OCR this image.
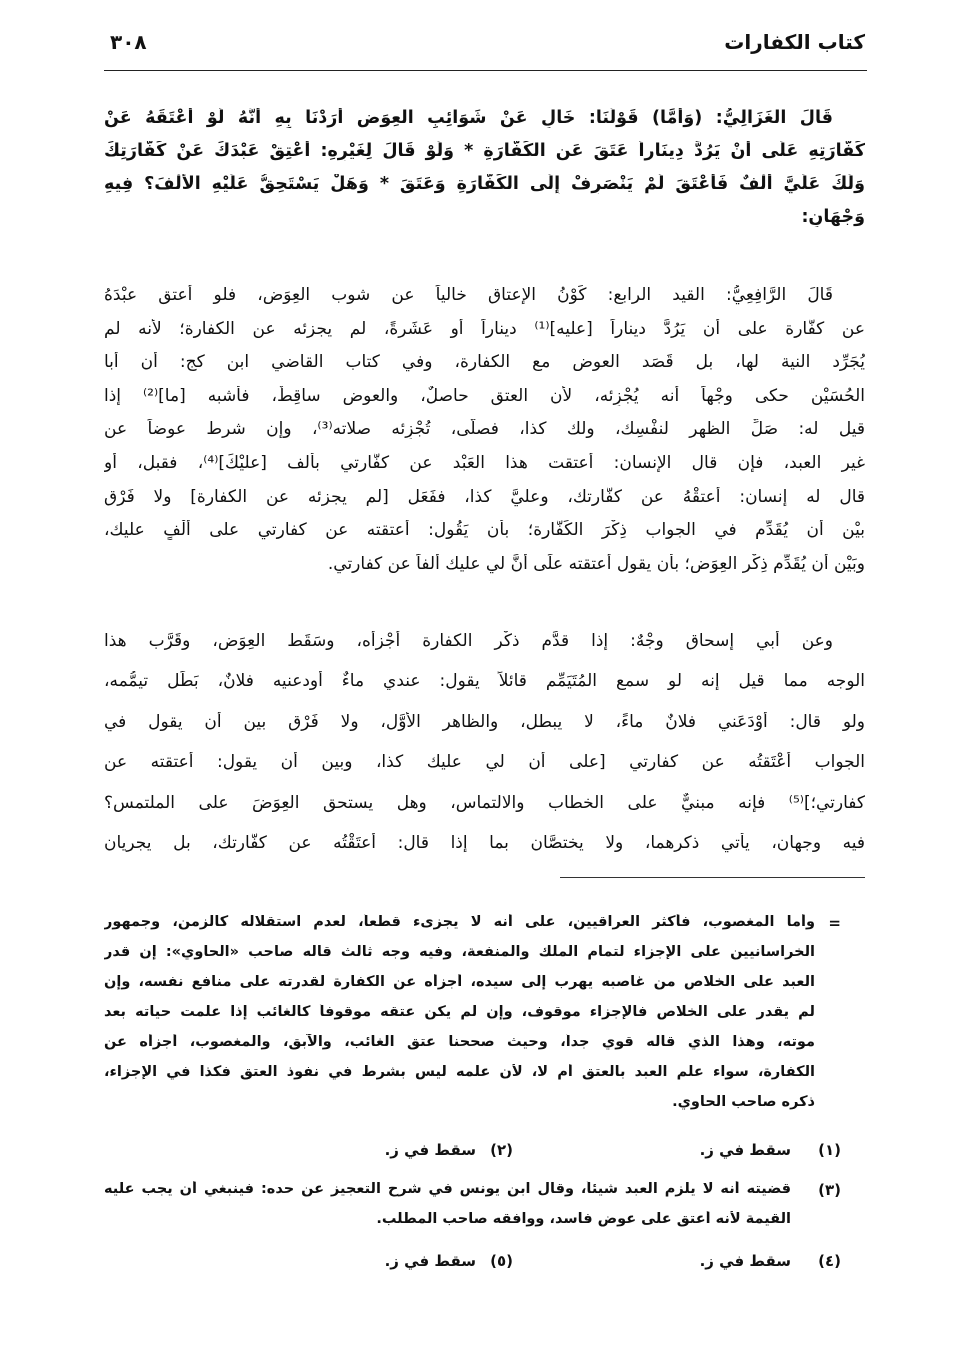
كتاب الكفارات
٣٠٨
قَالَ الغَزَالِيُّ: (وَأَمَّا) قَوْلُنَا: خَالٍ عَنْ شَوَائِبِ العِوَضِ أَرَدْنَا بِهِ أَنَّهُ لَوْ أَعْتَقَهُ عَنْ
كَفَّارَتِهِ عَلَى أَنْ يَرُدَّ دِينَاراً عَتَقَ عَنِ الكَفَّارَةِ * وَلَوْ قَالَ لِغَيْرِهِ: أَعْتِقْ عَبْدَكَ عَنْ كَفَّارَتِكَ
وَلَكَ عَلَيَّ أَلْفٌ فَأَعْتَقَ لَمْ يَنْصَرِفْ إِلَى الكَفَّارَةِ وَعَتَقَ * وَهَلْ يَسْتَحِقُّ عَلَيْهِ الأَلْفَ؟ فِيهِ
وَجْهَانِ:
قَالَ الرَّافِعِيُّ: القيد الرابع: كَوْنُ الإعتاق خالياً عن شوب العِوَض، فلو أعتق عبْدَهُ
عن كفَّارة على أن يَرُدَّ ديناراً [عليه]⁽¹⁾ ديناراً أو عَشَرةً، لم يجزئه عن الكفارة؛ لأنه لم
يُجَرِّد النية لها، بل قَصَد العوض مع الكفارة، وفي كتاب القاضي ابن كج: أن أبا
الحُسَيْن حكى وجْهاً أنه يُجْزِئه، لأن العتق حاصلٌ، والعوض ساقِطٌ، فأشبه [ما]⁽²⁾ إذا
قيل له: صَلِّ الظهر لنفْسِك، ولك كذا، فصلَّى، تُجْزِئه صلاته⁽³⁾، وإن شرط عوضاً عن
غير العبد، فإن قال الإنسان: أعتقت هذا العَبْد عن كفَّارتي بألف [عليْكَ]⁽⁴⁾، فقبل، أو
قال له إنسان: أعتقْهُ عن كفَّارتك، وعليَّ كذا، ففَعَل [لم يجزئه عن الكفارة] ولا فَرْق
بيْن أن يُقَدِّم في الجواب ذِكْرَ الكَفَّارة؛ بأن يَقُول: أعتقته عن كفارتي على أَلْفٍ عليك،
وبَيْن أن يُقَدِّم ذِكْر العِوَض؛ بأن يقول أعتقته علَى أنَّ لي عليك ألفاً عن كفارتي.
وعن أبي إسحاق وجْهٌ: إذا قدَّم ذكْر الكفارة أجْزأه، وسَقَط العِوَض، وقَرَّب هذا
الوجه مما قيل إنه لو سمع المُتَيَمِّم قائلاً يقول: عندي ماءٌ أودعنيه فلانٌ، بَطَل تيمُّمه،
ولو قال: أوْدَعَني فلانٌ ماءً، لا يبطل، والظاهر الأوَّل، ولا فَرْق بين أن يقول في
الجواب أعْتَقتُه عن كفارتي [على أن لي عليك كذا، وبين أن يقول: أعتقته عن
كفارتي؛]⁽⁵⁾ فإنه مبنيٌّ على الخطاب والالتماس، وهل يستحق العِوَضَ على الملتمس؟
فيه وجهان، يأتي ذكرهما، ولا يختصَّان بما إذا قال: أعتَقْتُه عن كفَّارتك، بل يجريان
=
وأما المغصوب، فأكثر العراقيين، على أنه لا يجزىء قطعاً، لعدم استقلاله كالزمن، وجمهور
الخراسانيين على الإجزاء لتمام الملك والمنفعة، وفيه وجه ثالث قاله صاحب «الحاوي»: إن قدر
العبد على الخلاص من غاصبه يهرب إلى سيده، أجزأه عن الكفارة لقدرته على منافع نفسه، وإن
لم يقدر على الخلاص فالإجزاء موقوف، وإن لم يكن عتقه موقوفاً كالغائب إذا علمت حياته بعد
موته، وهذا الذي قاله قوي جداً، وحيث صححنا عتق الغائب، والآبق، والمغصوب، أجزأه عن
الكفارة، سواء علم العبد بالعتق أم لا، لأن علمه ليس بشرط في نفوذ العتق فكذا في الإجزاء،
ذكره صاحب الحاوي.
(١)
سقط في ز.
(٢)
سقط في ز.
(٣)
قضيته أنه لا يلزم العبد شيئاً، وقال ابن يونس في شرح التعجيز عن حده: فينبغي أن يجب عليه
القيمة لأنه أعتق على عوض فاسد، ووافقه صاحب المطلب.
(٤)
سقط في ز.
(٥)
سقط في ز.
